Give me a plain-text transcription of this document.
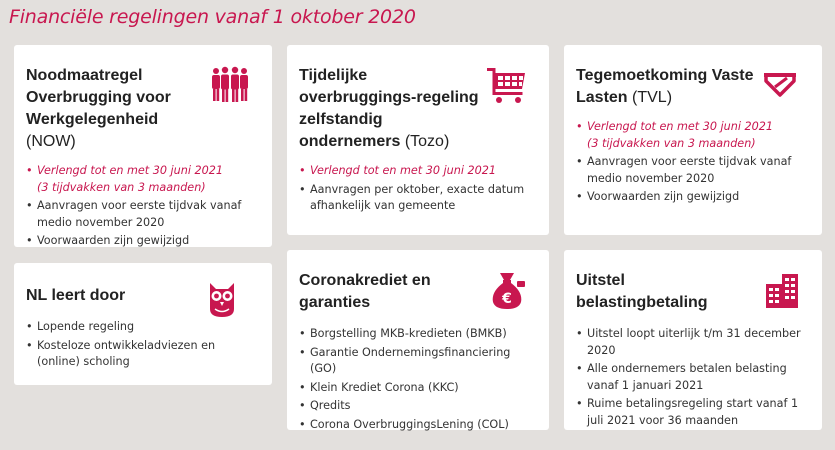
Financiële regelingen vanaf 1 oktober 2020
Noodmaatregel Overbrugging voor Werkgelegenheid (NOW)
• Verlengd tot en met 30 juni 2021
(3 tijdvakken van 3 maanden)
• Aanvragen voor eerste tijdvak vanaf medio november 2020
• Voorwaarden zijn gewijzigd
Tijdelijke overbruggings-regeling zelfstandig ondernemers (Tozo)
• Verlengd tot en met 30 juni 2021
• Aanvragen per oktober, exacte datum afhankelijk van gemeente
Tegemoetkoming Vaste Lasten (TVL)
• Verlengd tot en met 30 juni 2021
(3 tijdvakken van 3 maanden)
• Aanvragen voor eerste tijdvak vanaf medio november 2020
• Voorwaarden zijn gewijzigd
NL leert door
• Lopende regeling
• Kosteloze ontwikkeladviezen en (online) scholing
€
Coronakrediet en garanties
• Borgstelling MKB-kredieten (BMKB)
• Garantie Ondernemingsfinanciering (GO)
• Klein Krediet Corona (KKC)
• Qredits
• Corona OverbruggingsLening (COL)
Uitstel belastingbetaling
• Uitstel loopt uiterlijk t/m 31 december 2020
• Alle ondernemers betalen belasting vanaf 1 januari 2021
• Ruime betalingsregeling start vanaf 1 juli 2021 voor 36 maanden
